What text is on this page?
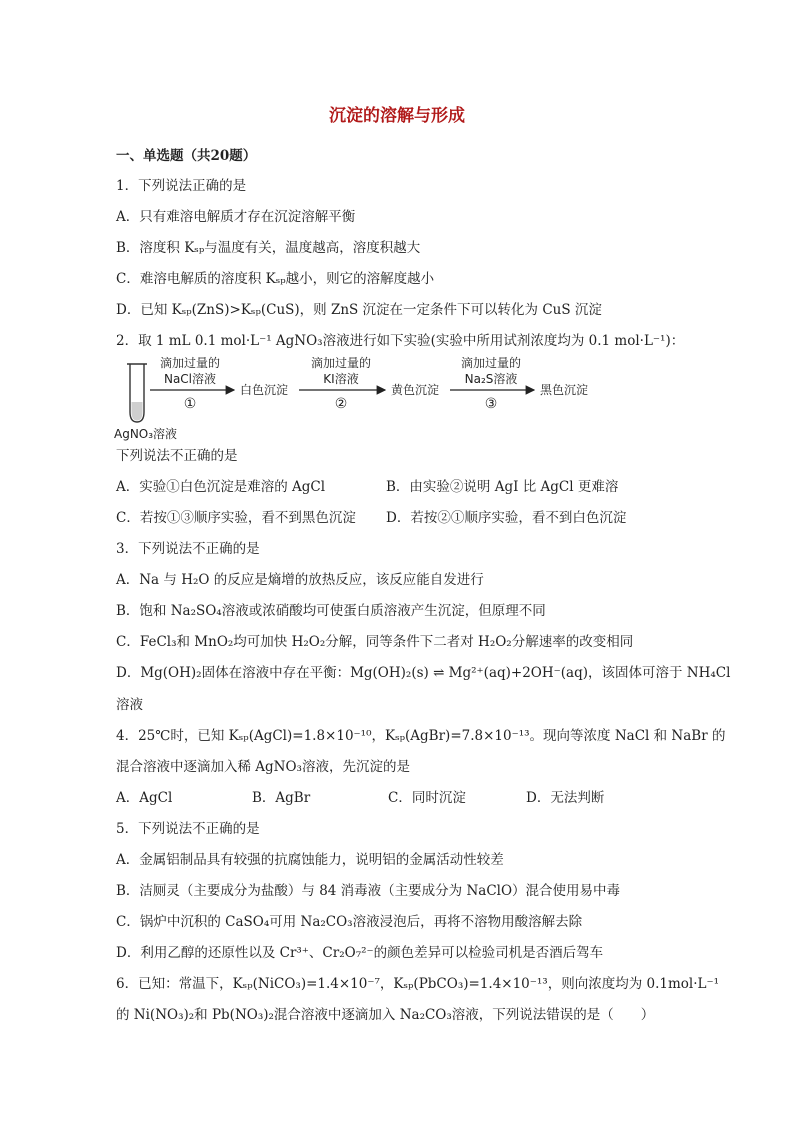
沉淀的溶解与形成
一、单选题（共20题）
1．下列说法正确的是
A．只有难溶电解质才存在沉淀溶解平衡
B．溶度积 Kₛₚ与温度有关，温度越高，溶度积越大
C．难溶电解质的溶度积 Kₛₚ越小，则它的溶解度越小
D．已知 Kₛₚ(ZnS)>Kₛₚ(CuS)，则 ZnS 沉淀在一定条件下可以转化为 CuS 沉淀
2．取 1 mL 0.1 mol·L⁻¹ AgNO₃溶液进行如下实验(实验中所用试剂浓度均为 0.1 mol·L⁻¹)：
AgNO₃溶液
滴加过量的
NaCl溶液
①
白色沉淀
滴加过量的
KI溶液
②
黄色沉淀
滴加过量的
Na₂S溶液
③
黑色沉淀
下列说法不正确的是
A．实验①白色沉淀是难溶的 AgCl	B．由实验②说明 AgI 比 AgCl 更难溶
C．若按①③顺序实验，看不到黑色沉淀 D．若按②①顺序实验，看不到白色沉淀
3．下列说法不正确的是
A．Na 与 H₂O 的反应是熵增的放热反应，该反应能自发进行
B．饱和 Na₂SO₄溶液或浓硝酸均可使蛋白质溶液产生沉淀，但原理不同
C．FeCl₃和 MnO₂均可加快 H₂O₂分解，同等条件下二者对 H₂O₂分解速率的改变相同
D．Mg(OH)₂固体在溶液中存在平衡：Mg(OH)₂(s) ⇌ Mg²⁺(aq)+2OH⁻(aq)，该固体可溶于 NH₄Cl
溶液
4．25℃时，已知 Kₛₚ(AgCl)=1.8×10⁻¹⁰，Kₛₚ(AgBr)=7.8×10⁻¹³。现向等浓度 NaCl 和 NaBr 的
混合溶液中逐滴加入稀 AgNO₃溶液，先沉淀的是
A．AgCl	B．AgBr	C．同时沉淀	D．无法判断
5．下列说法不正确的是
A．金属铝制品具有较强的抗腐蚀能力，说明铝的金属活动性较差
B．洁厕灵（主要成分为盐酸）与 84 消毒液（主要成分为 NaClO）混合使用易中毒
C．锅炉中沉积的 CaSO₄可用 Na₂CO₃溶液浸泡后，再将不溶物用酸溶解去除
D．利用乙醇的还原性以及 Cr³⁺、Cr₂O₇²⁻的颜色差异可以检验司机是否酒后驾车
6．已知：常温下，Kₛₚ(NiCO₃)=1.4×10⁻⁷，Kₛₚ(PbCO₃)=1.4×10⁻¹³，则向浓度均为 0.1mol·L⁻¹
的 Ni(NO₃)₂和 Pb(NO₃)₂混合溶液中逐滴加入 Na₂CO₃溶液，下列说法错误的是（　　）
